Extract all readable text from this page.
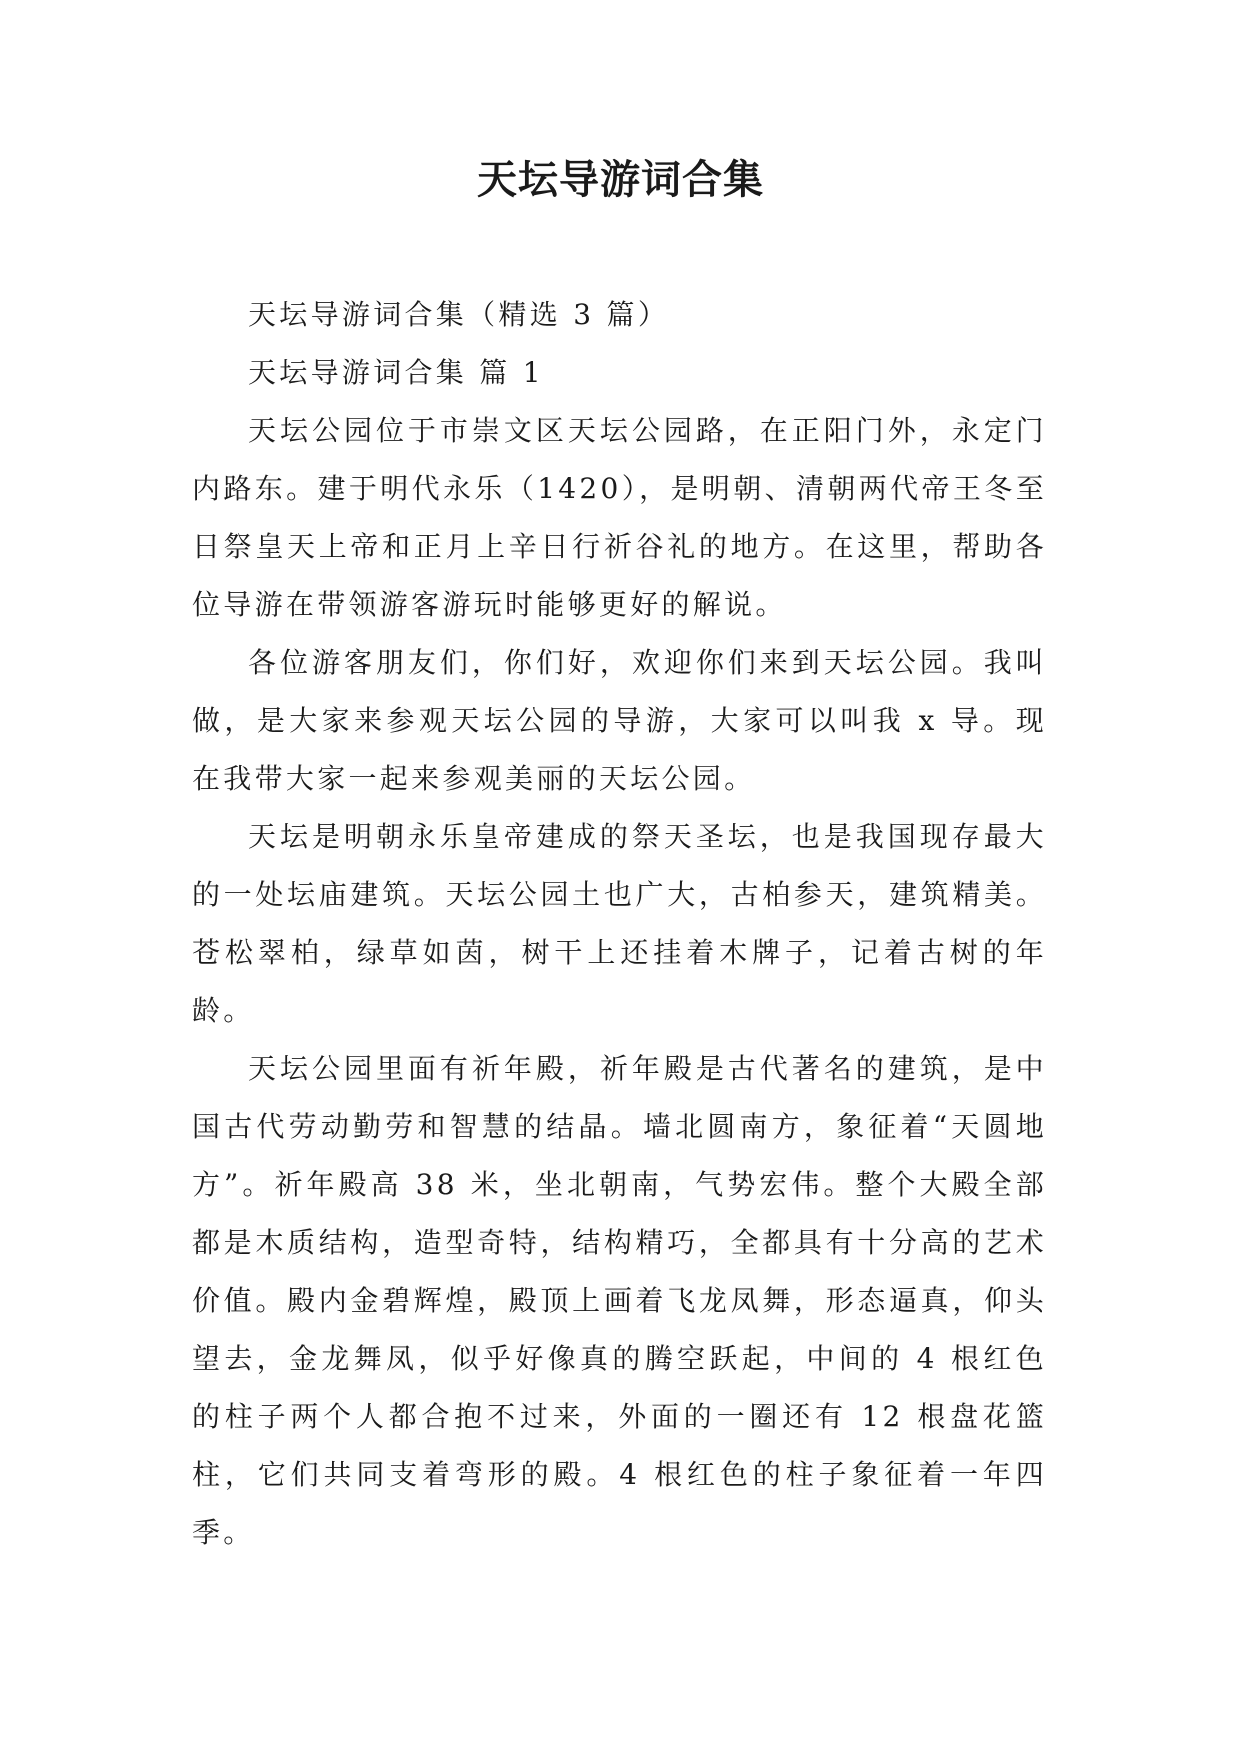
天坛导游词合集

天坛导游词合集（精选 3 篇）

天坛导游词合集 篇 1

天坛公园位于市崇文区天坛公园路，在正阳门外，永定门内路东。建于明代永乐（1420），是明朝、清朝两代帝王冬至日祭皇天上帝和正月上辛日行祈谷礼的地方。在这里，帮助各位导游在带领游客游玩时能够更好的解说。

各位游客朋友们，你们好，欢迎你们来到天坛公园。我叫做，是大家来参观天坛公园的导游，大家可以叫我 x 导。现在我带大家一起来参观美丽的天坛公园。

天坛是明朝永乐皇帝建成的祭天圣坛，也是我国现存最大的一处坛庙建筑。天坛公园土也广大，古柏参天，建筑精美。苍松翠柏，绿草如茵，树干上还挂着木牌子，记着古树的年龄。

天坛公园里面有祈年殿，祈年殿是古代著名的建筑，是中国古代劳动勤劳和智慧的结晶。墙北圆南方，象征着“天圆地方”。祈年殿高 38 米，坐北朝南，气势宏伟。整个大殿全部都是木质结构，造型奇特，结构精巧，全都具有十分高的艺术价值。殿内金碧辉煌，殿顶上画着飞龙凤舞，形态逼真，仰头望去，金龙舞凤，似乎好像真的腾空跃起，中间的 4 根红色的柱子两个人都合抱不过来，外面的一圈还有 12 根盘花篮柱，它们共同支着弯形的殿。4 根红色的柱子象征着一年四季。
